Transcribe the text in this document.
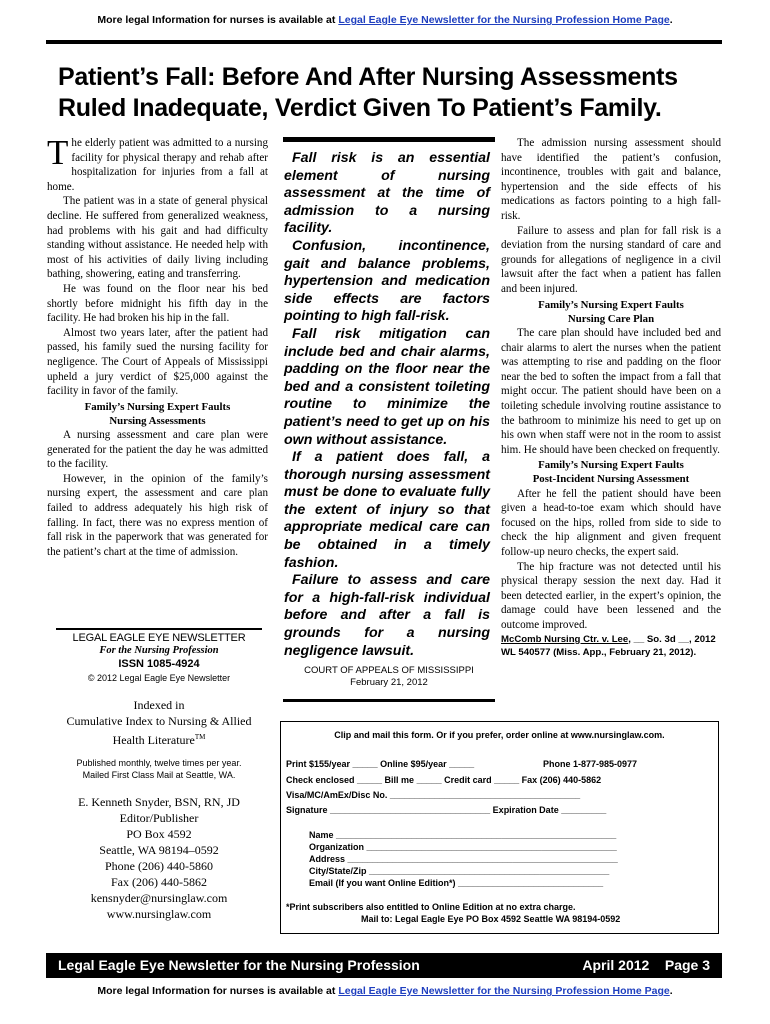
More legal Information for nurses is available at Legal Eagle Eye Newsletter for the Nursing Profession Home Page.
Patient’s Fall: Before And After Nursing Assessments Ruled Inadequate, Verdict Given To Patient’s Family.

The elderly patient was admitted to a nursing facility for physical therapy and rehab after hospitalization for injuries from a fall at home.

The patient was in a state of general physical decline. He suffered from generalized weakness, had problems with his gait and had difficulty standing without assistance. He needed help with most of his activities of daily living including bathing, showering, eating and transferring.

He was found on the floor near his bed shortly before midnight his fifth day in the facility. He had broken his hip in the fall.

Almost two years later, after the patient had passed, his family sued the nursing facility for negligence. The Court of Appeals of Mississippi upheld a jury verdict of $25,000 against the facility in favor of the family.

Family’s Nursing Expert Faults
Nursing Assessments

A nursing assessment and care plan were generated for the patient the day he was admitted to the facility.

However, in the opinion of the family’s nursing expert, the assessment and care plan failed to address adequately his high risk of falling. In fact, there was no express mention of fall risk in the paperwork that was generated for the patient’s chart at the time of admission.

LEGAL EAGLE EYE NEWSLETTER
For the Nursing Profession
ISSN 1085-4924
© 2012 Legal Eagle Eye Newsletter
Indexed in
Cumulative Index to Nursing & Allied
Health Literature™
Published monthly, twelve times per year.
Mailed First Class Mail at Seattle, WA.
E. Kenneth Snyder, BSN, RN, JD
Editor/Publisher
PO Box 4592
Seattle, WA 98194–0592
Phone (206) 440-5860
Fax (206) 440-5862
kensnyder@nursinglaw.com
www.nursinglaw.com

Fall risk is an essential element of nursing assessment at the time of admission to a nursing facility.

Confusion, incontinence, gait and balance problems, hypertension and medication side effects are factors pointing to high fall-risk.

Fall risk mitigation can include bed and chair alarms, padding on the floor near the bed and a consistent toileting routine to minimize the patient’s need to get up on his own without assistance.

If a patient does fall, a thorough nursing assessment must be done to evaluate fully the extent of injury so that appropriate medical care can be obtained in a timely fashion.

Failure to assess and care for a high-fall-risk individual before and after a fall is grounds for a nursing negligence lawsuit.

COURT OF APPEALS OF MISSISSIPPI
February 21, 2012

The admission nursing assessment should have identified the patient’s confusion, incontinence, troubles with gait and balance, hypertension and the side effects of his medications as factors pointing to a high fall-risk.

Failure to assess and plan for fall risk is a deviation from the nursing standard of care and grounds for allegations of negligence in a civil lawsuit after the fact when a patient has fallen and been injured.

Family’s Nursing Expert Faults
Nursing Care Plan

The care plan should have included bed and chair alarms to alert the nurses when the patient was attempting to rise and padding on the floor near the bed to soften the impact from a fall that might occur. The patient should have been on a toileting schedule involving routine assistance to the bathroom to minimize his need to get up on his own when staff were not in the room to assist him. He should have been checked on frequently.

Family’s Nursing Expert Faults
Post-Incident Nursing Assessment

After he fell the patient should have been given a head-to-toe exam which should have focused on the hips, rolled from side to side to check the hip alignment and given frequent follow-up neuro checks, the expert said.

The hip fracture was not detected until his physical therapy session the next day. Had it been detected earlier, in the expert’s opinion, the damage could have been lessened and the outcome improved.

McComb Nursing Ctr. v. Lee, __ So. 3d __, 2012 WL 540577 (Miss. App., February 21, 2012).

Clip and mail this form. Or if you prefer, order online at www.nursinglaw.com.
Print $155/year _____ Online $95/year _____	Phone 1-877-985-0977
Check enclosed _____ Bill me _____ Credit card _____ Fax (206) 440-5862
Visa/MC/AmEx/Disc No. ______________________________________
Signature ________________________________ Expiration Date _________
Name ________________________________________________________
Organization __________________________________________________
Address ______________________________________________________
City/State/Zip ________________________________________________
Email (If you want Online Edition*) _____________________________
*Print subscribers also entitled to Online Edition at no extra charge.
Mail to: Legal Eagle Eye PO Box 4592 Seattle WA 98194-0592
Legal Eagle Eye Newsletter for the Nursing Profession	April 2012    Page 3
More legal Information for nurses is available at Legal Eagle Eye Newsletter for the Nursing Profession Home Page.
